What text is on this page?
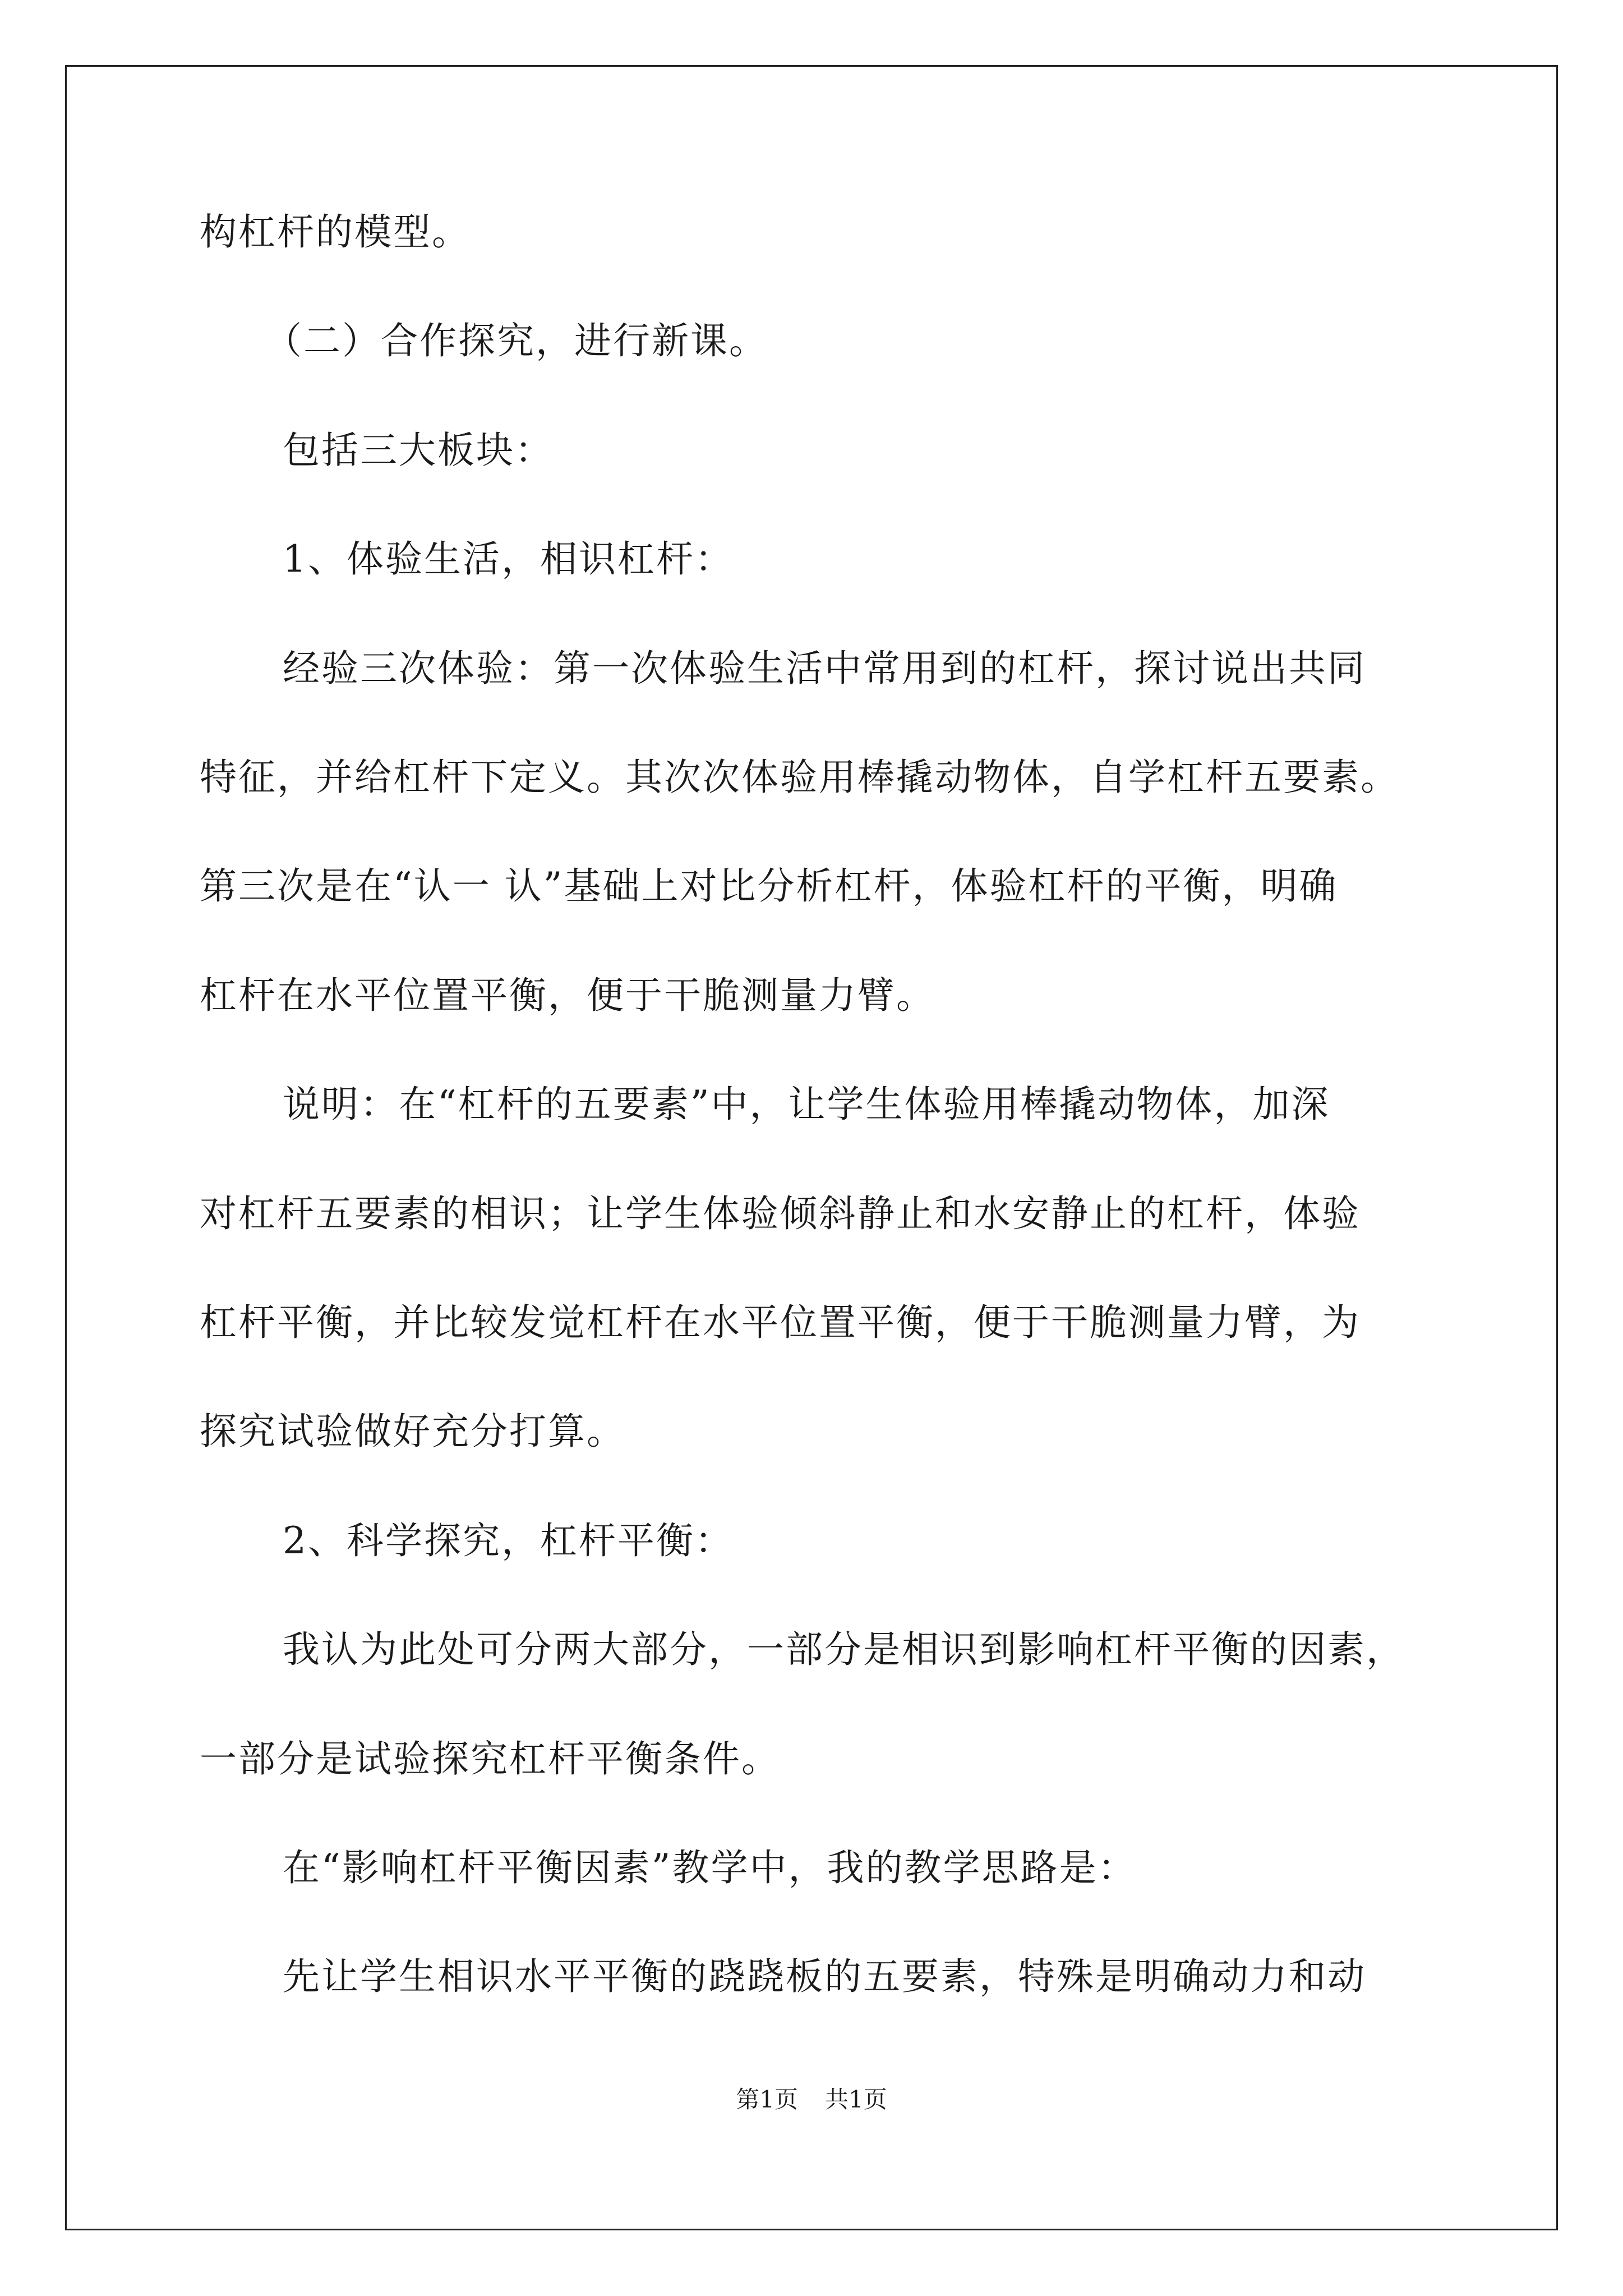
构杠杆的模型。
（二）合作探究，进行新课。
包括三大板块：
1、体验生活，相识杠杆：
经验三次体验：第一次体验生活中常用到的杠杆，探讨说出共同
特征，并给杠杆下定义。其次次体验用棒撬动物体，自学杠杆五要素。
第三次是在“认一 认”基础上对比分析杠杆，体验杠杆的平衡，明确
杠杆在水平位置平衡，便于干脆测量力臂。
说明：在“杠杆的五要素”中，让学生体验用棒撬动物体，加深
对杠杆五要素的相识；让学生体验倾斜静止和水安静止的杠杆，体验
杠杆平衡，并比较发觉杠杆在水平位置平衡，便于干脆测量力臂，为
探究试验做好充分打算。
2、科学探究，杠杆平衡：
我认为此处可分两大部分，一部分是相识到影响杠杆平衡的因素，
一部分是试验探究杠杆平衡条件。
在“影响杠杆平衡因素”教学中，我的教学思路是：
先让学生相识水平平衡的跷跷板的五要素，特殊是明确动力和动
第1页 共1页
